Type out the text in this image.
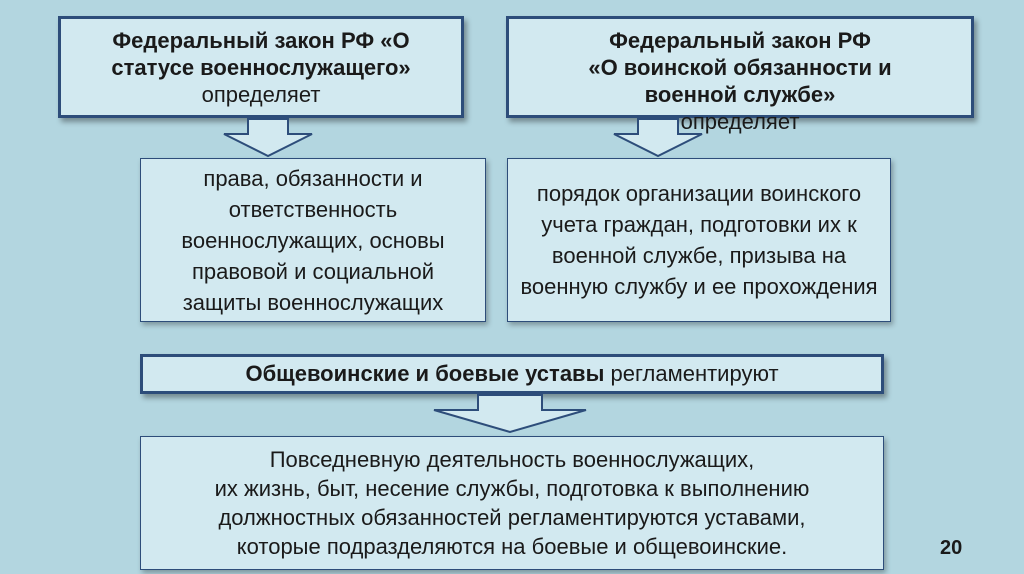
Федеральный закон РФ «О статусе военнослужащего»
определяет
Федеральный закон РФ
«О воинской обязанности и военной службе» определяет
права, обязанности и ответственность военнослужащих, основы правовой и социальной защиты военнослужащих
порядок организации воинского учета граждан, подготовки их к военной службе, призыва на военную службу и ее прохождения
Общевоинские и боевые уставы регламентируют
Повседневную деятельность военнослужащих,
их жизнь, быт, несение службы, подготовка к выполнению
должностных обязанностей регламентируются уставами,
которые подразделяются на боевые и общевоинские.	20
